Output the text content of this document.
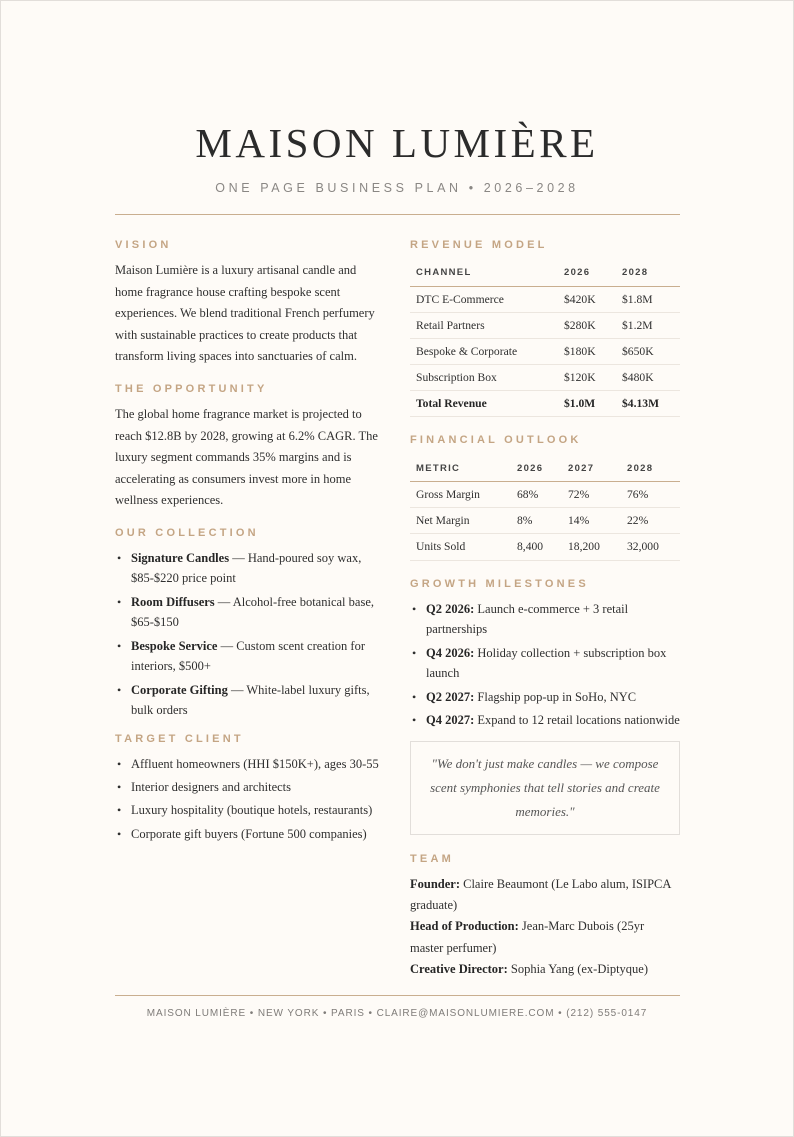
MAISON LUMIÈRE
ONE PAGE BUSINESS PLAN • 2026–2028
VISION

Maison Lumière is a luxury artisanal candle and home fragrance house crafting bespoke scent experiences. We blend traditional French perfumery with sustainable practices to create products that transform living spaces into sanctuaries of calm.

THE OPPORTUNITY

The global home fragrance market is projected to reach $12.8B by 2028, growing at 6.2% CAGR. The luxury segment commands 35% margins and is accelerating as consumers invest more in home wellness experiences.

OUR COLLECTION
• Signature Candles — Hand-poured soy wax, $85-$220 price point
• Room Diffusers — Alcohol-free botanical base, $65-$150
• Bespoke Service — Custom scent creation for interiors, $500+
• Corporate Gifting — White-label luxury gifts, bulk orders
TARGET CLIENT
• Affluent homeowners (HHI $150K+), ages 30-55
• Interior designers and architects
• Luxury hospitality (boutique hotels, restaurants)
• Corporate gift buyers (Fortune 500 companies)
REVENUE MODEL
CHANNEL	2026	2028
DTC E-Commerce	$420K	$1.8M
Retail Partners	$280K	$1.2M
Bespoke & Corporate	$180K	$650K
Subscription Box	$120K	$480K
Total Revenue	$1.0M	$4.13M
FINANCIAL OUTLOOK
METRIC	2026	2027	2028
Gross Margin	68%	72%	76%
Net Margin	8%	14%	22%
Units Sold	8,400	18,200	32,000
GROWTH MILESTONES
• Q2 2026: Launch e-commerce + 3 retail partnerships
• Q4 2026: Holiday collection + subscription box launch
• Q2 2027: Flagship pop-up in SoHo, NYC
• Q4 2027: Expand to 12 retail locations nationwide
"We don't just make candles — we compose scent symphonies that tell stories and create memories."
TEAM

Founder: Claire Beaumont (Le Labo alum, ISIPCA graduate)

Head of Production: Jean-Marc Dubois (25yr master perfumer)

Creative Director: Sophia Yang (ex-Diptyque)

MAISON LUMIÈRE • NEW YORK • PARIS • CLAIRE@MAISONLUMIERE.COM • (212) 555-0147
